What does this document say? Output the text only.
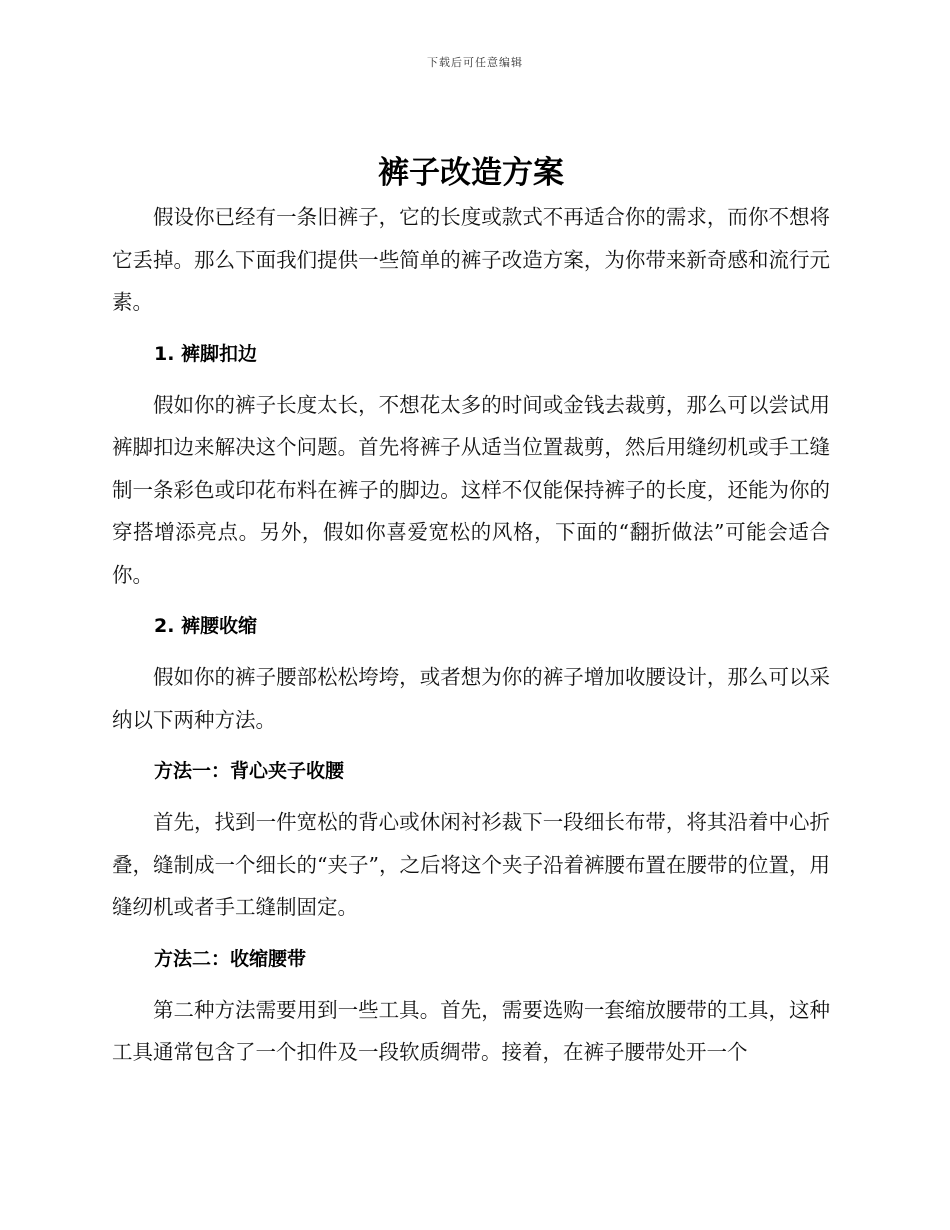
下载后可任意编辑
裤子改造方案

假设你已经有一条旧裤子，它的长度或款式不再适合你的需求，而你不想将它丢掉。那么下面我们提供一些简单的裤子改造方案，为你带来新奇感和流行元素。

1. 裤脚扣边

假如你的裤子长度太长，不想花太多的时间或金钱去裁剪，那么可以尝试用裤脚扣边来解决这个问题。首先将裤子从适当位置裁剪，然后用缝纫机或手工缝制一条彩色或印花布料在裤子的脚边。这样不仅能保持裤子的长度，还能为你的穿搭增添亮点。另外，假如你喜爱宽松的风格，下面的“翻折做法”可能会适合你。

2. 裤腰收缩

假如你的裤子腰部松松垮垮，或者想为你的裤子增加收腰设计，那么可以采纳以下两种方法。

方法一：背心夹子收腰

首先，找到一件宽松的背心或休闲衬衫裁下一段细长布带，将其沿着中心折叠，缝制成一个细长的“夹子”，之后将这个夹子沿着裤腰布置在腰带的位置，用缝纫机或者手工缝制固定。

方法二：收缩腰带

第二种方法需要用到一些工具。首先，需要选购一套缩放腰带的工具，这种工具通常包含了一个扣件及一段软质绸带。接着，在裤子腰带处开一个
